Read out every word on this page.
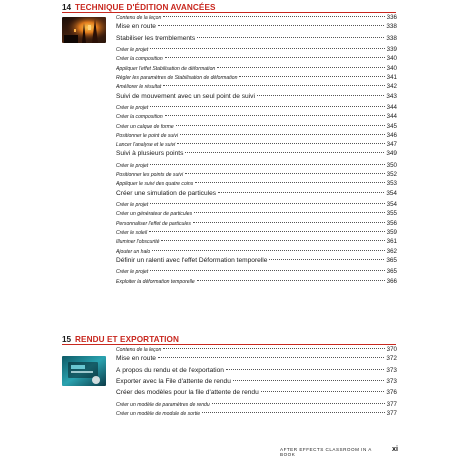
14 TECHNIQUE D'ÉDITION AVANCÉES
Contenu de la leçon	336
Mise en route	338
Stabiliser les tremblements	338
Créer le projet	339
Créer la composition	340
Appliquer l'effet Stabilisation de déformation	340
Régler les paramètres de Stabilisation de déformation	341
Améliorer le résultat	342
Suivi de mouvement avec un seul point de suivi	343
Créer le projet	344
Créer la composition	344
Créer un calque de forme	345
Positionner le point de suivi	346
Lancer l'analyse et le suivi	347
Suivi à plusieurs points	349
Créer le projet	350
Positionner les points de suivi	352
Appliquer le suivi des quatre coins	353
Créer une simulation de particules	354
Créer le projet	354
Créer un générateur de particules	355
Personnaliser l'effet de particules	356
Créer le soleil	359
Illuminer l'obscurité	361
Ajouter un halo	362
Définir un ralenti avec l'effet Déformation temporelle	365
Créer le projet	365
Exploiter la déformation temporelle	366
15 RENDU ET EXPORTATION
Contenu de la leçon	370
Mise en route	372
À propos du rendu et de l'exportation	373
Exporter avec la File d'attente de rendu	373
Créer des modèles pour la file d'attente de rendu	376
Créer un modèle de paramètres de rendu	377
Créer un modèle de module de sortie	377
AFTER EFFECTS CLASSROOM IN A BOOK
xi
